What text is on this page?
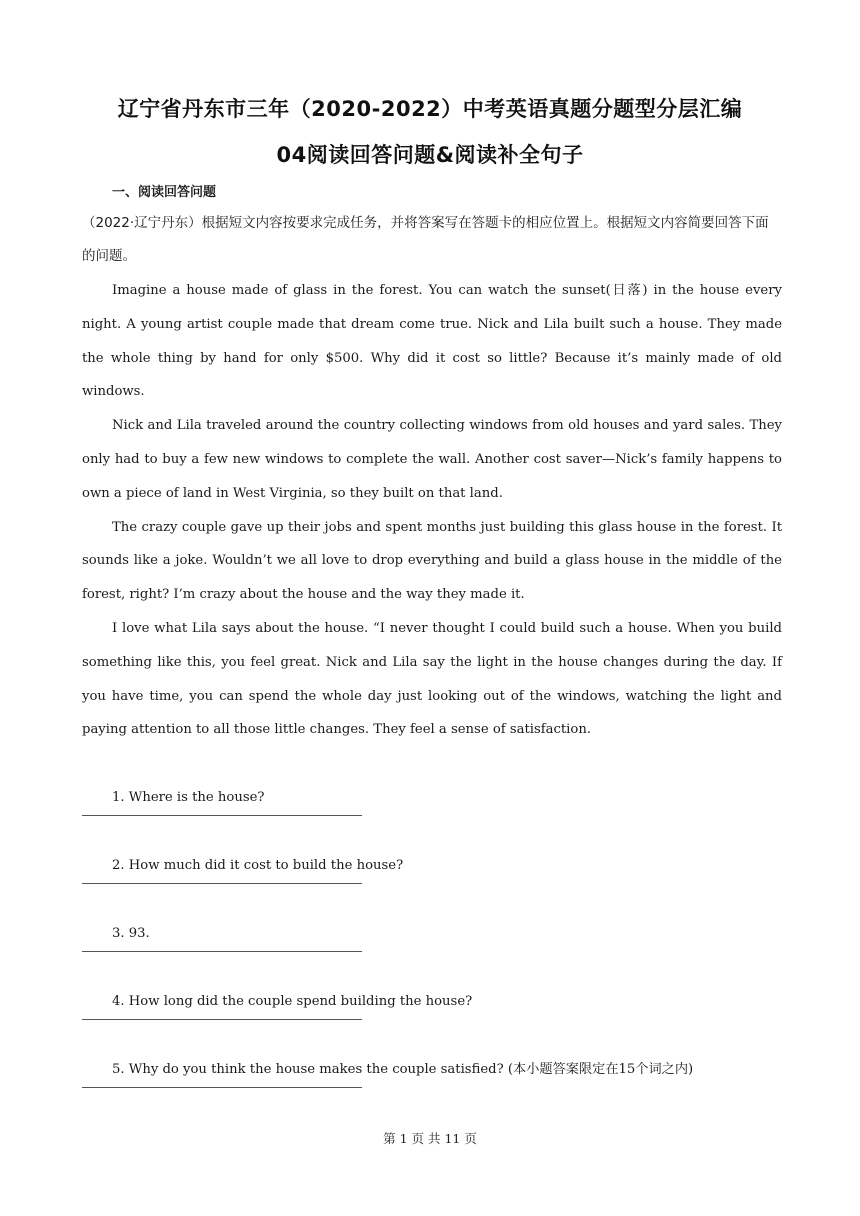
辽宁省丹东市三年（2020-2022）中考英语真题分题型分层汇编
04阅读回答问题&阅读补全句子
一、阅读回答问题
（2022·辽宁丹东）根据短文内容按要求完成任务，并将答案写在答题卡的相应位置上。根据短文内容简要回答下面的问题。

Imagine a house made of glass in the forest. You can watch the sunset(日落) in the house every night. A young artist couple made that dream come true. Nick and Lila built such a house. They made the whole thing by hand for only $500. Why did it cost so little? Because it’s mainly made of old windows.

Nick and Lila traveled around the country collecting windows from old houses and yard sales. They only had to buy a few new windows to complete the wall. Another cost saver—Nick’s family happens to own a piece of land in West Virginia, so they built on that land.

The crazy couple gave up their jobs and spent months just building this glass house in the forest. It sounds like a joke. Wouldn’t we all love to drop everything and build a glass house in the middle of the forest, right? I’m crazy about the house and the way they made it.

I love what Lila says about the house. “I never thought I could build such a house. When you build something like this, you feel great. Nick and Lila say the light in the house changes during the day. If you have time, you can spend the whole day just looking out of the windows, watching the light and paying attention to all those little changes. They feel a sense of satisfaction.

1. Where is the house?
2. How much did it cost to build the house?
3. 93.
4. How long did the couple spend building the house?
5. Why do you think the house makes the couple satisfied? (本小题答案限定在15个词之内)
第 1 页 共 11 页
